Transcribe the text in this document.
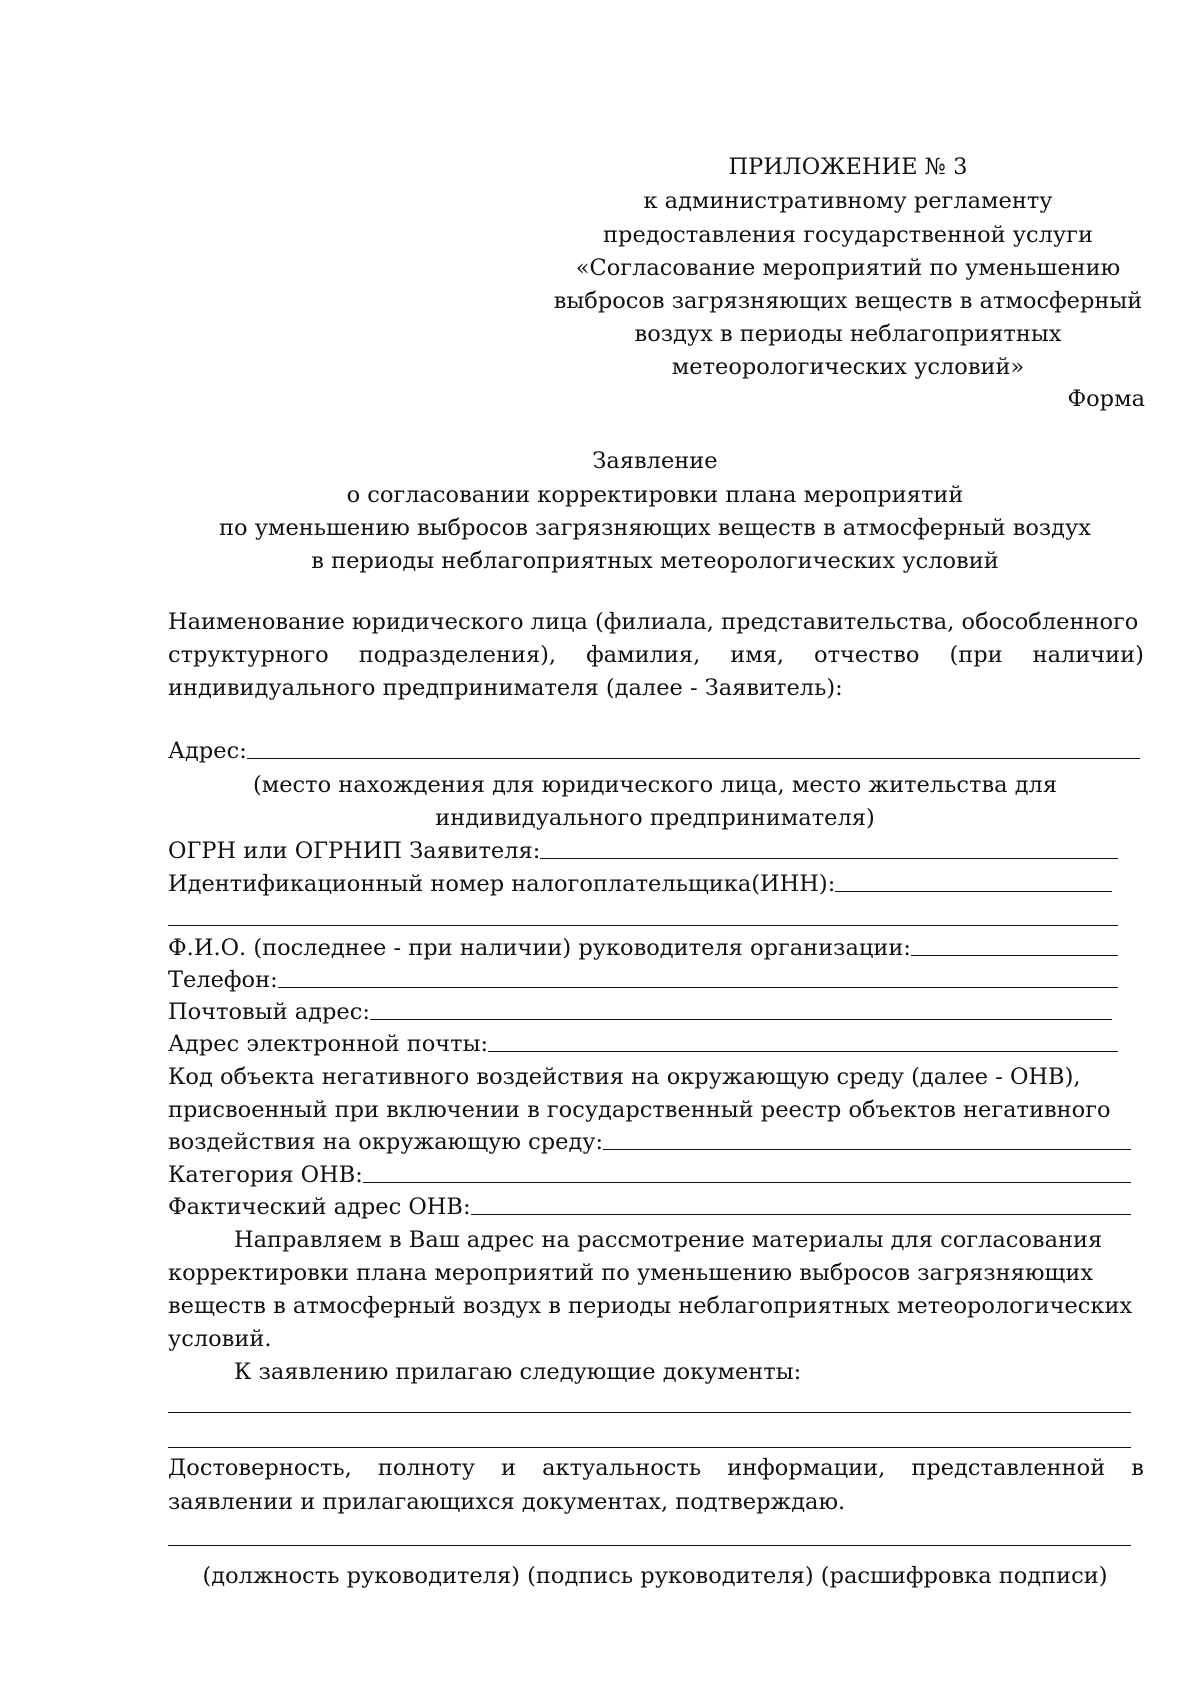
ПРИЛОЖЕНИЕ № 3
к административному регламенту
предоставления государственной услуги
«Согласование мероприятий по уменьшению
выбросов загрязняющих веществ в атмосферный
воздух в периоды неблагоприятных
метеорологических условий»
Форма
Заявление
о согласовании корректировки плана мероприятий
по уменьшению выбросов загрязняющих веществ в атмосферный воздух
в периоды неблагоприятных метеорологических условий
Наименование юридического лица (филиала, представительства, обособленного
структурного подразделения), фамилия, имя, отчество (при наличии)
индивидуального предпринимателя (далее - Заявитель):
Адрес:
(место нахождения для юридического лица, место жительства для
индивидуального предпринимателя)
ОГРН или ОГРНИП Заявителя:
Идентификационный номер налогоплательщика(ИНН):
Ф.И.О. (последнее - при наличии) руководителя организации:
Телефон:
Почтовый адрес:
Адрес электронной почты:
Код объекта негативного воздействия на окружающую среду (далее - ОНВ),
присвоенный при включении в государственный реестр объектов негативного
воздействия на окружающую среду:
Категория ОНВ:
Фактический адрес ОНВ:
Направляем в Ваш адрес на рассмотрение материалы для согласования
корректировки плана мероприятий по уменьшению выбросов загрязняющих
веществ в атмосферный воздух в периоды неблагоприятных метеорологических
условий.
К заявлению прилагаю следующие документы:
Достоверность, полноту и актуальность информации, представленной в
заявлении и прилагающихся документах, подтверждаю.
(должность руководителя) (подпись руководителя) (расшифровка подписи)
